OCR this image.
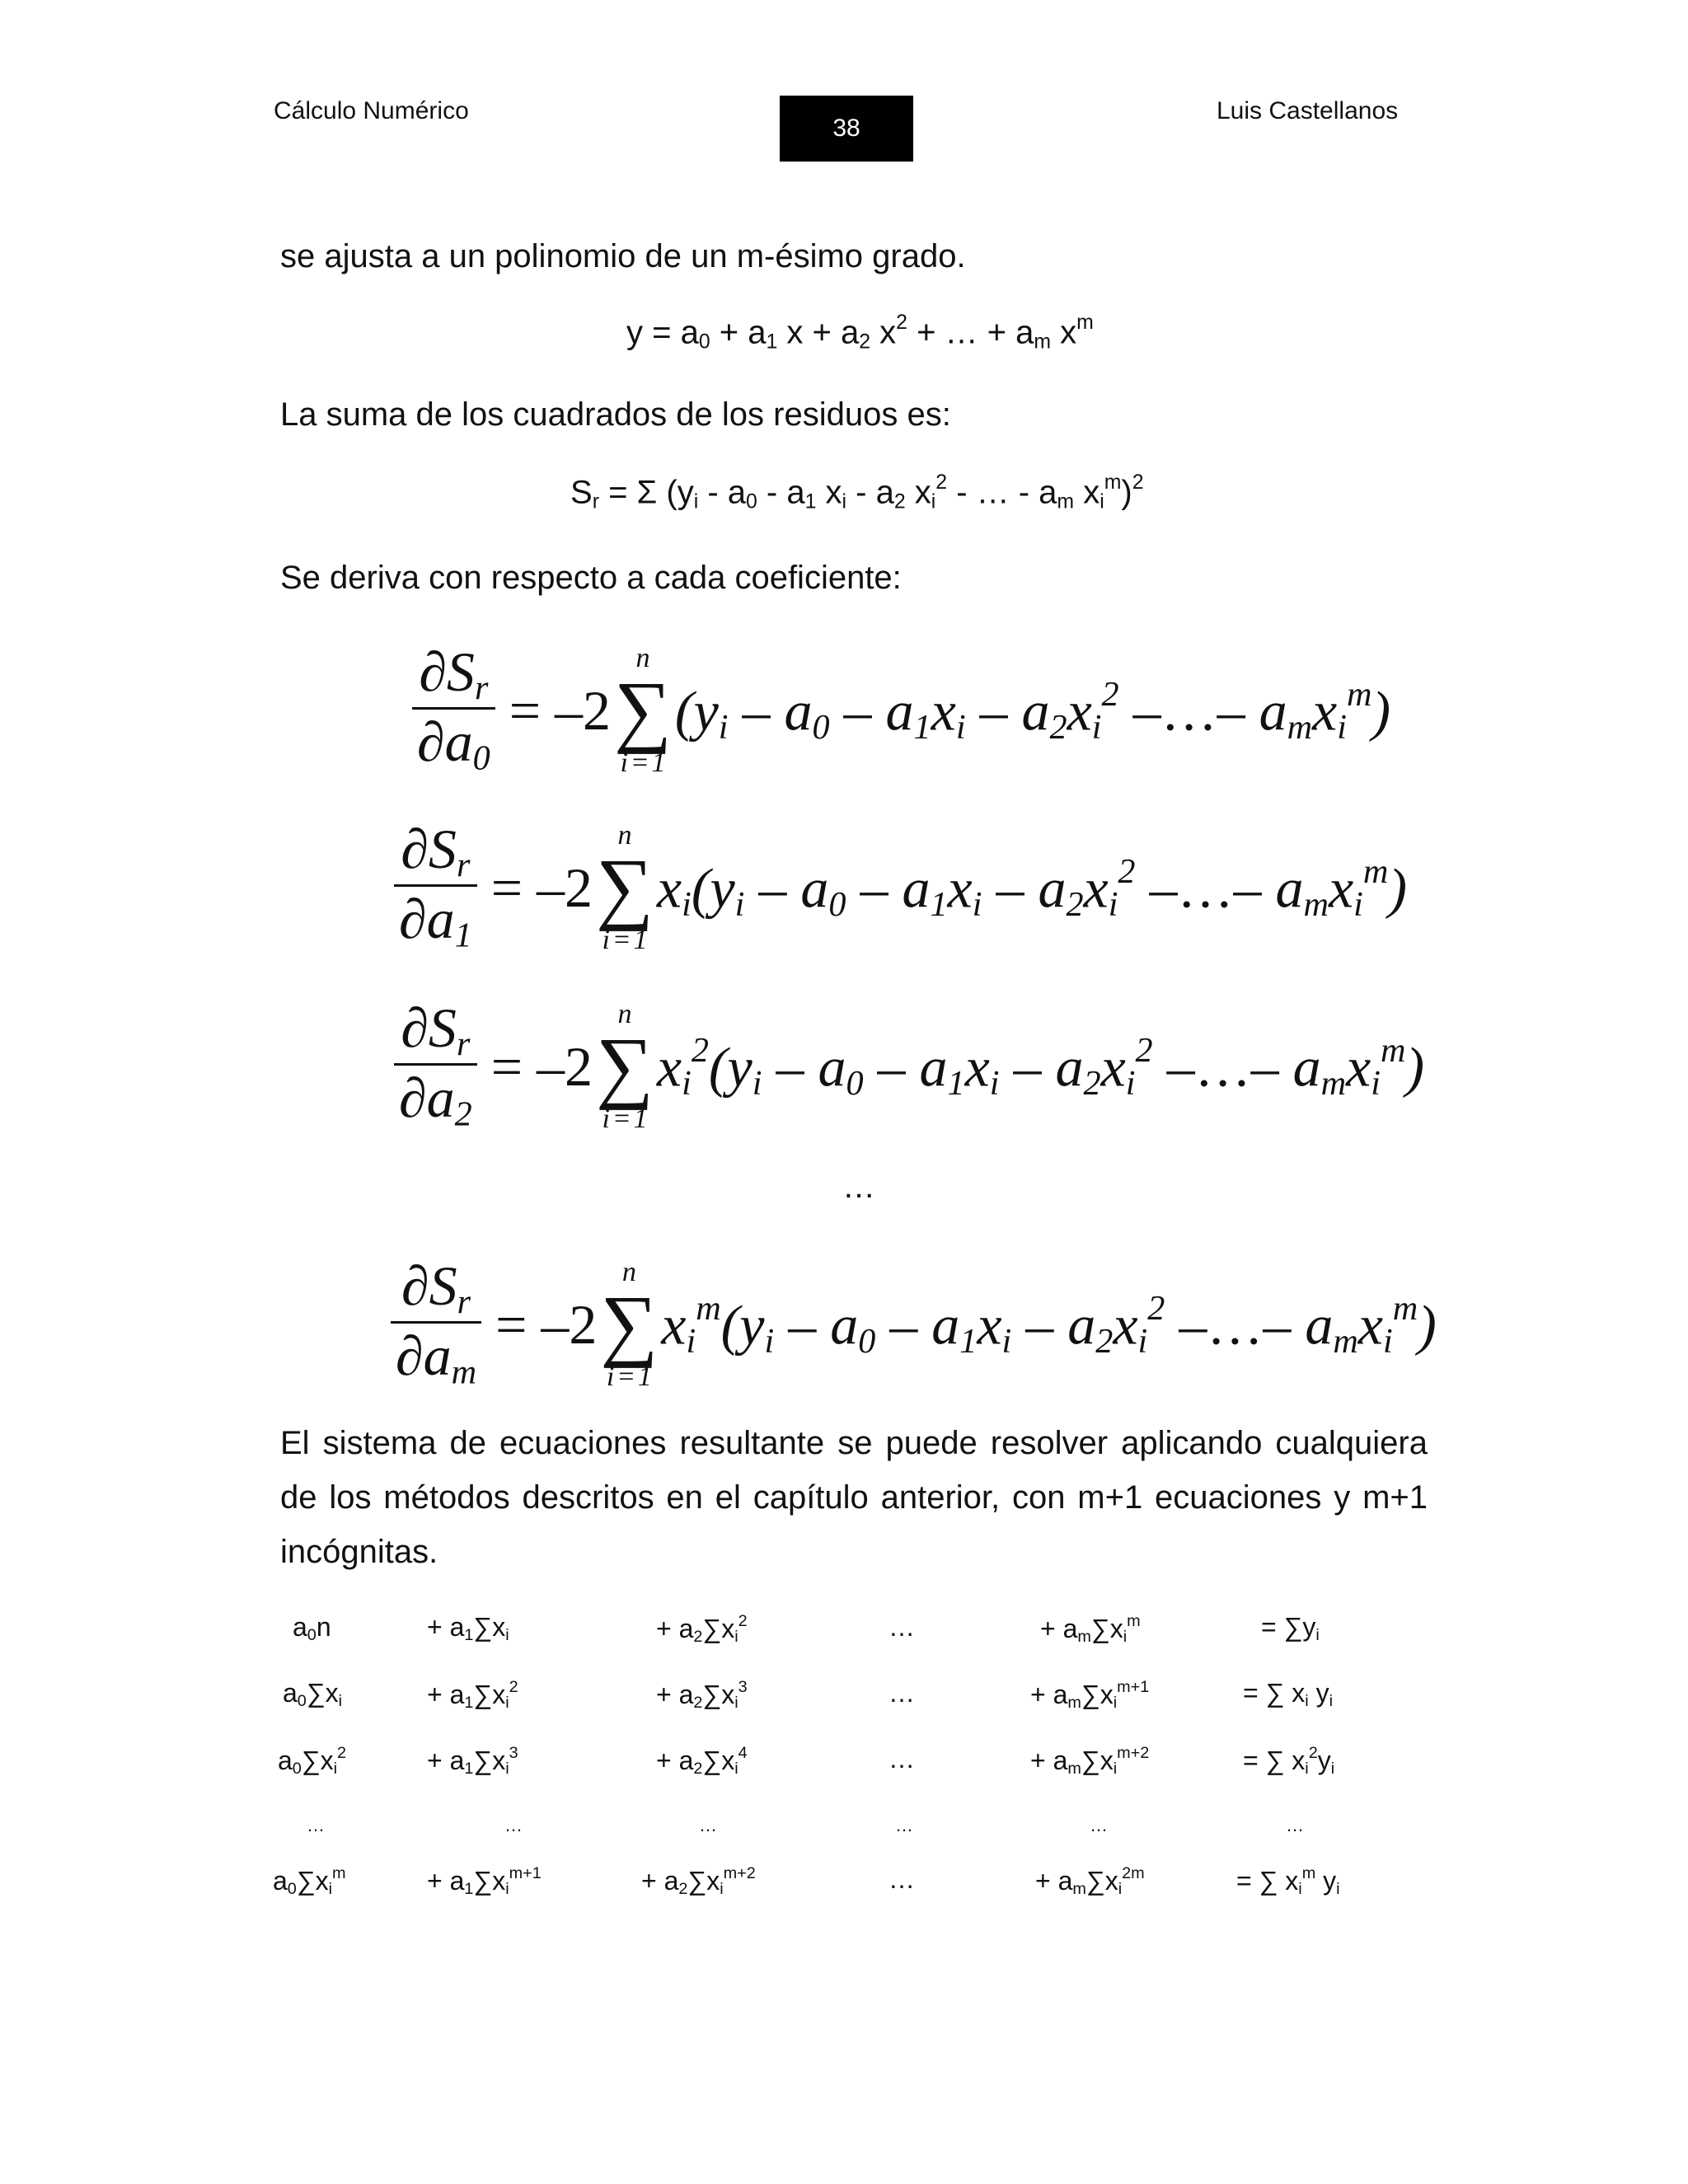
Cálculo Numérico
38
Luis Castellanos
se ajusta a un polinomio de un m-ésimo grado.
$y = a_0 + a_1$ $x + a_2$ $x^2$ + … + $a_m$ $x^m$
La suma de los cuadrados de los residuos es:
$S_r = \Sigma$ ($y_i - a_0 - a_1$ $x_i - a_2$ $x_i^2$ - … - $a_m$ $x_i^m)^2$
Se deriva con respecto a cada coeficiente:
$\frac{\partial S_r}{\partial a_0} = -2$
n
∑
i = 1
($y_i - a_0 - a_1x_i - a_2x_i^2$ –…– $a_mx_i^m$)
$\frac{\partial S_r}{\partial a_1} = -2$
n
∑
i = 1
$x_i(y_i - a_0 - a_1x_i - a_2x_i^2$ –…– $a_mx_i^m$)
$\frac{\partial S_r}{\partial a_2} = -2$
n
∑
i = 1
$x_i^2(y_i - a_0 - a_1x_i - a_2x_i^2$ –…– $a_mx_i^m$)
…
$\frac{\partial S_r}{\partial a_m} = -2$
n
∑
i = 1
$x_i^m(y_i - a_0 - a_1x_i - a_2x_i^2$ –…– $a_mx_i^m$)
El sistema de ecuaciones resultante se puede resolver aplicando cualquiera de los métodos descritos en el capítulo anterior, con m+1 ecuaciones y m+1 incógnitas.
$a_0n$	+ $a_1\sum x_i$	+ $a_2\sum x_i^2$	…	+ $a_m\sum x_i^m$	= $\sum y_i$
$a_0\sum x_i$	+ $a_1\sum x_i^2$	+ $a_2\sum x_i^3$	…	+ $a_m\sum x_i^{m+1}$	= ∑ $x_i$ $y_i$
$a_0\sum x_i^2$	+ $a_1\sum x_i^3$	+ $a_2\sum x_i^4$	…	+ $a_m\sum x_i^{m+2}$	= ∑ $x_i^2y_i$
…	…	…	…	…	…
$a_0\sum x_i^m$	+ $a_1\sum x_i^{m+1}$	+ $a_2\sum x_i^{m+2}$	…	+ $a_m\sum x_i^{2m}$	= ∑ $x_i^m$ $y_i$
